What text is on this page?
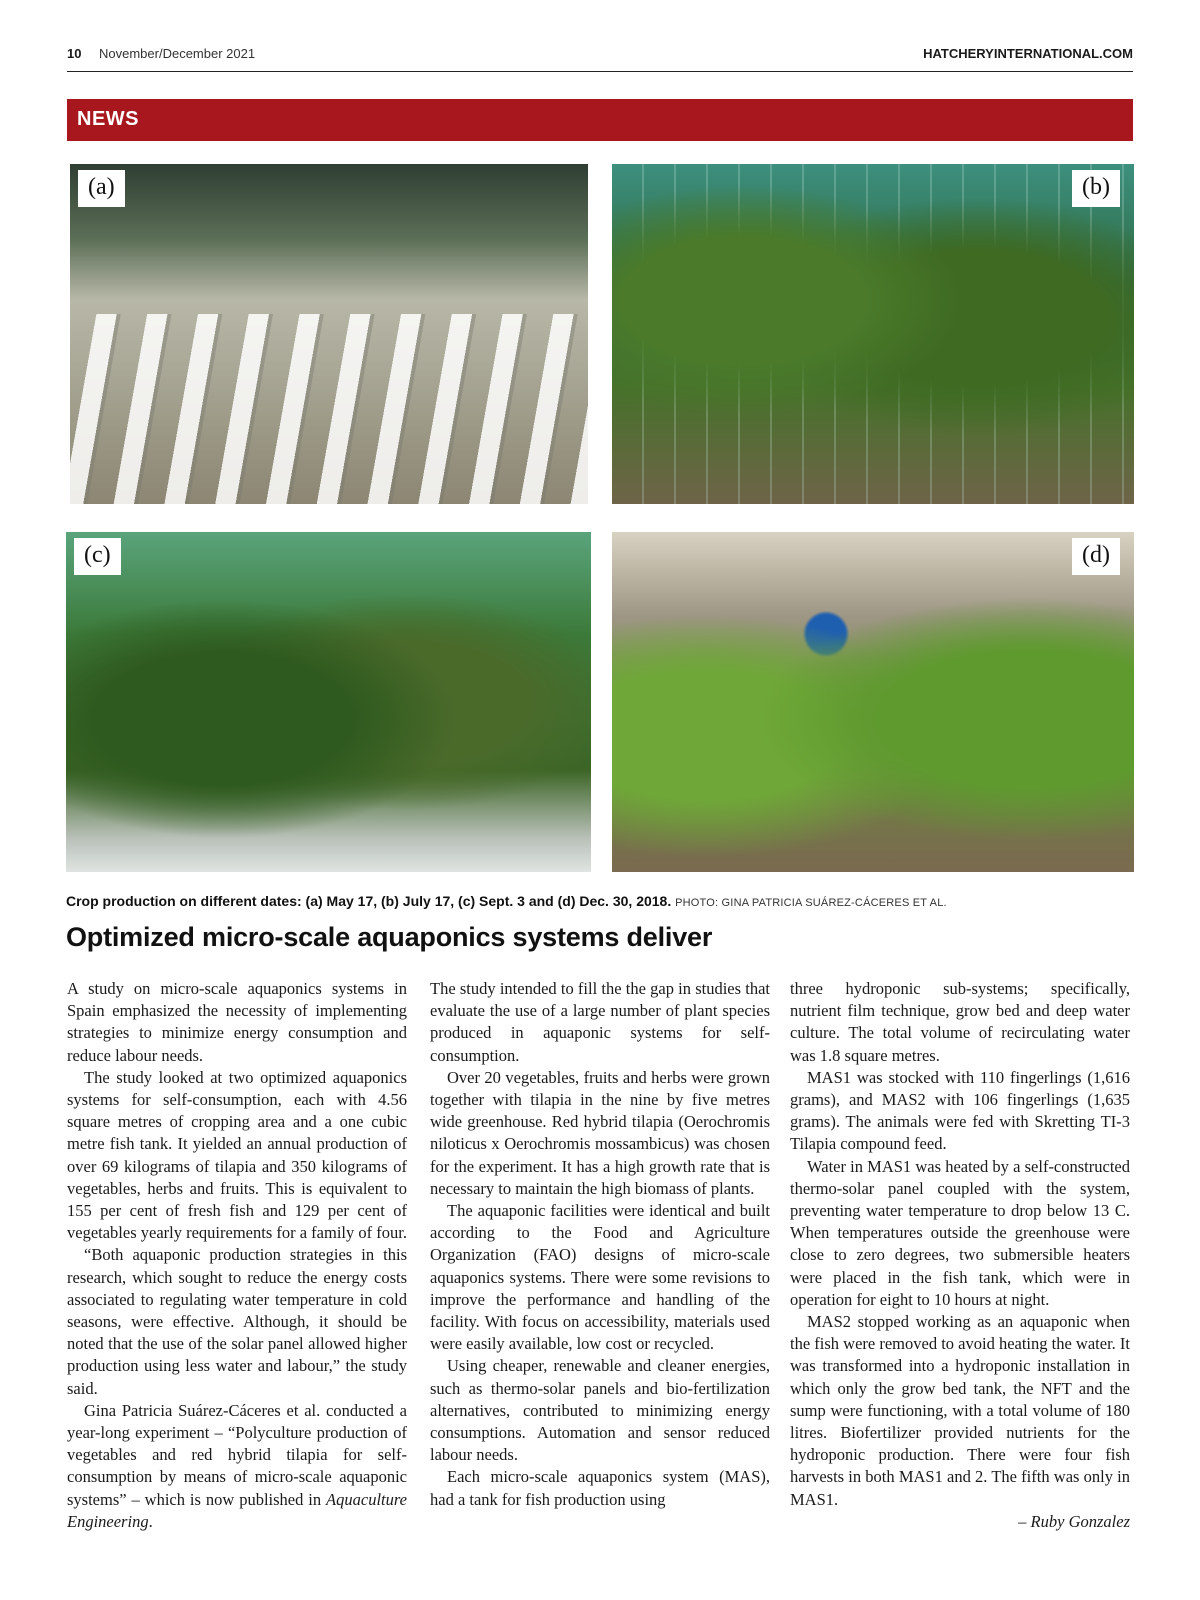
10 November/December 2021	HATCHERYINTERNATIONAL.COM
NEWS
(a)	(b)
(c)	(d)
Crop production on different dates: (a) May 17, (b) July 17, (c) Sept. 3 and (d) Dec. 30, 2018. PHOTO: GINA PATRICIA SUÁREZ-CÁCERES ET AL.
Optimized micro-scale aquaponics systems deliver

A study on micro-scale aquaponics systems in Spain emphasized the necessity of implementing strategies to minimize energy consumption and reduce labour needs.

The study looked at two optimized aquaponics systems for self-consumption, each with 4.56 square metres of cropping area and a one cubic metre fish tank. It yielded an annual production of over 69 kilograms of tilapia and 350 kilograms of vegetables, herbs and fruits. This is equivalent to 155 per cent of fresh fish and 129 per cent of vegetables yearly requirements for a family of four.

“Both aquaponic production strategies in this research, which sought to reduce the energy costs associated to regulating water temperature in cold seasons, were effective. Although, it should be noted that the use of the solar panel allowed higher production using less water and labour,” the study said.

Gina Patricia Suárez-Cáceres et al. conducted a year-long experiment – “Polyculture production of vegetables and red hybrid tilapia for self-consumption by means of micro-scale aquaponic systems” – which is now published in Aquaculture Engineering.

The study intended to fill the the gap in studies that evaluate the use of a large number of plant species produced in aquaponic systems for self-consumption.

Over 20 vegetables, fruits and herbs were grown together with tilapia in the nine by five metres wide greenhouse. Red hybrid tilapia (Oerochromis niloticus x Oerochromis mossambicus) was chosen for the experiment. It has a high growth rate that is necessary to maintain the high biomass of plants.

The aquaponic facilities were identical and built according to the Food and Agriculture Organization (FAO) designs of micro-scale aquaponics systems. There were some revisions to improve the performance and handling of the facility. With focus on accessibility, materials used were easily available, low cost or recycled.

Using cheaper, renewable and cleaner energies, such as thermo-solar panels and bio-fertilization alternatives, contributed to minimizing energy consumptions. Automation and sensor reduced labour needs.

Each micro-scale aquaponics system (MAS), had a tank for fish production using

three hydroponic sub-systems; specifically, nutrient film technique, grow bed and deep water culture. The total volume of recirculating water was 1.8 square metres.

MAS1 was stocked with 110 fingerlings (1,616 grams), and MAS2 with 106 fingerlings (1,635 grams). The animals were fed with Skretting TI-3 Tilapia compound feed.

Water in MAS1 was heated by a self-constructed thermo-solar panel coupled with the system, preventing water temperature to drop below 13 C. When temperatures outside the greenhouse were close to zero degrees, two submersible heaters were placed in the fish tank, which were in operation for eight to 10 hours at night.

MAS2 stopped working as an aquaponic when the fish were removed to avoid heating the water. It was transformed into a hydroponic installation in which only the grow bed tank, the NFT and the sump were functioning, with a total volume of 180 litres. Biofertilizer provided nutrients for the hydroponic production. There were four fish harvests in both MAS1 and 2. The fifth was only in MAS1.

– Ruby Gonzalez
